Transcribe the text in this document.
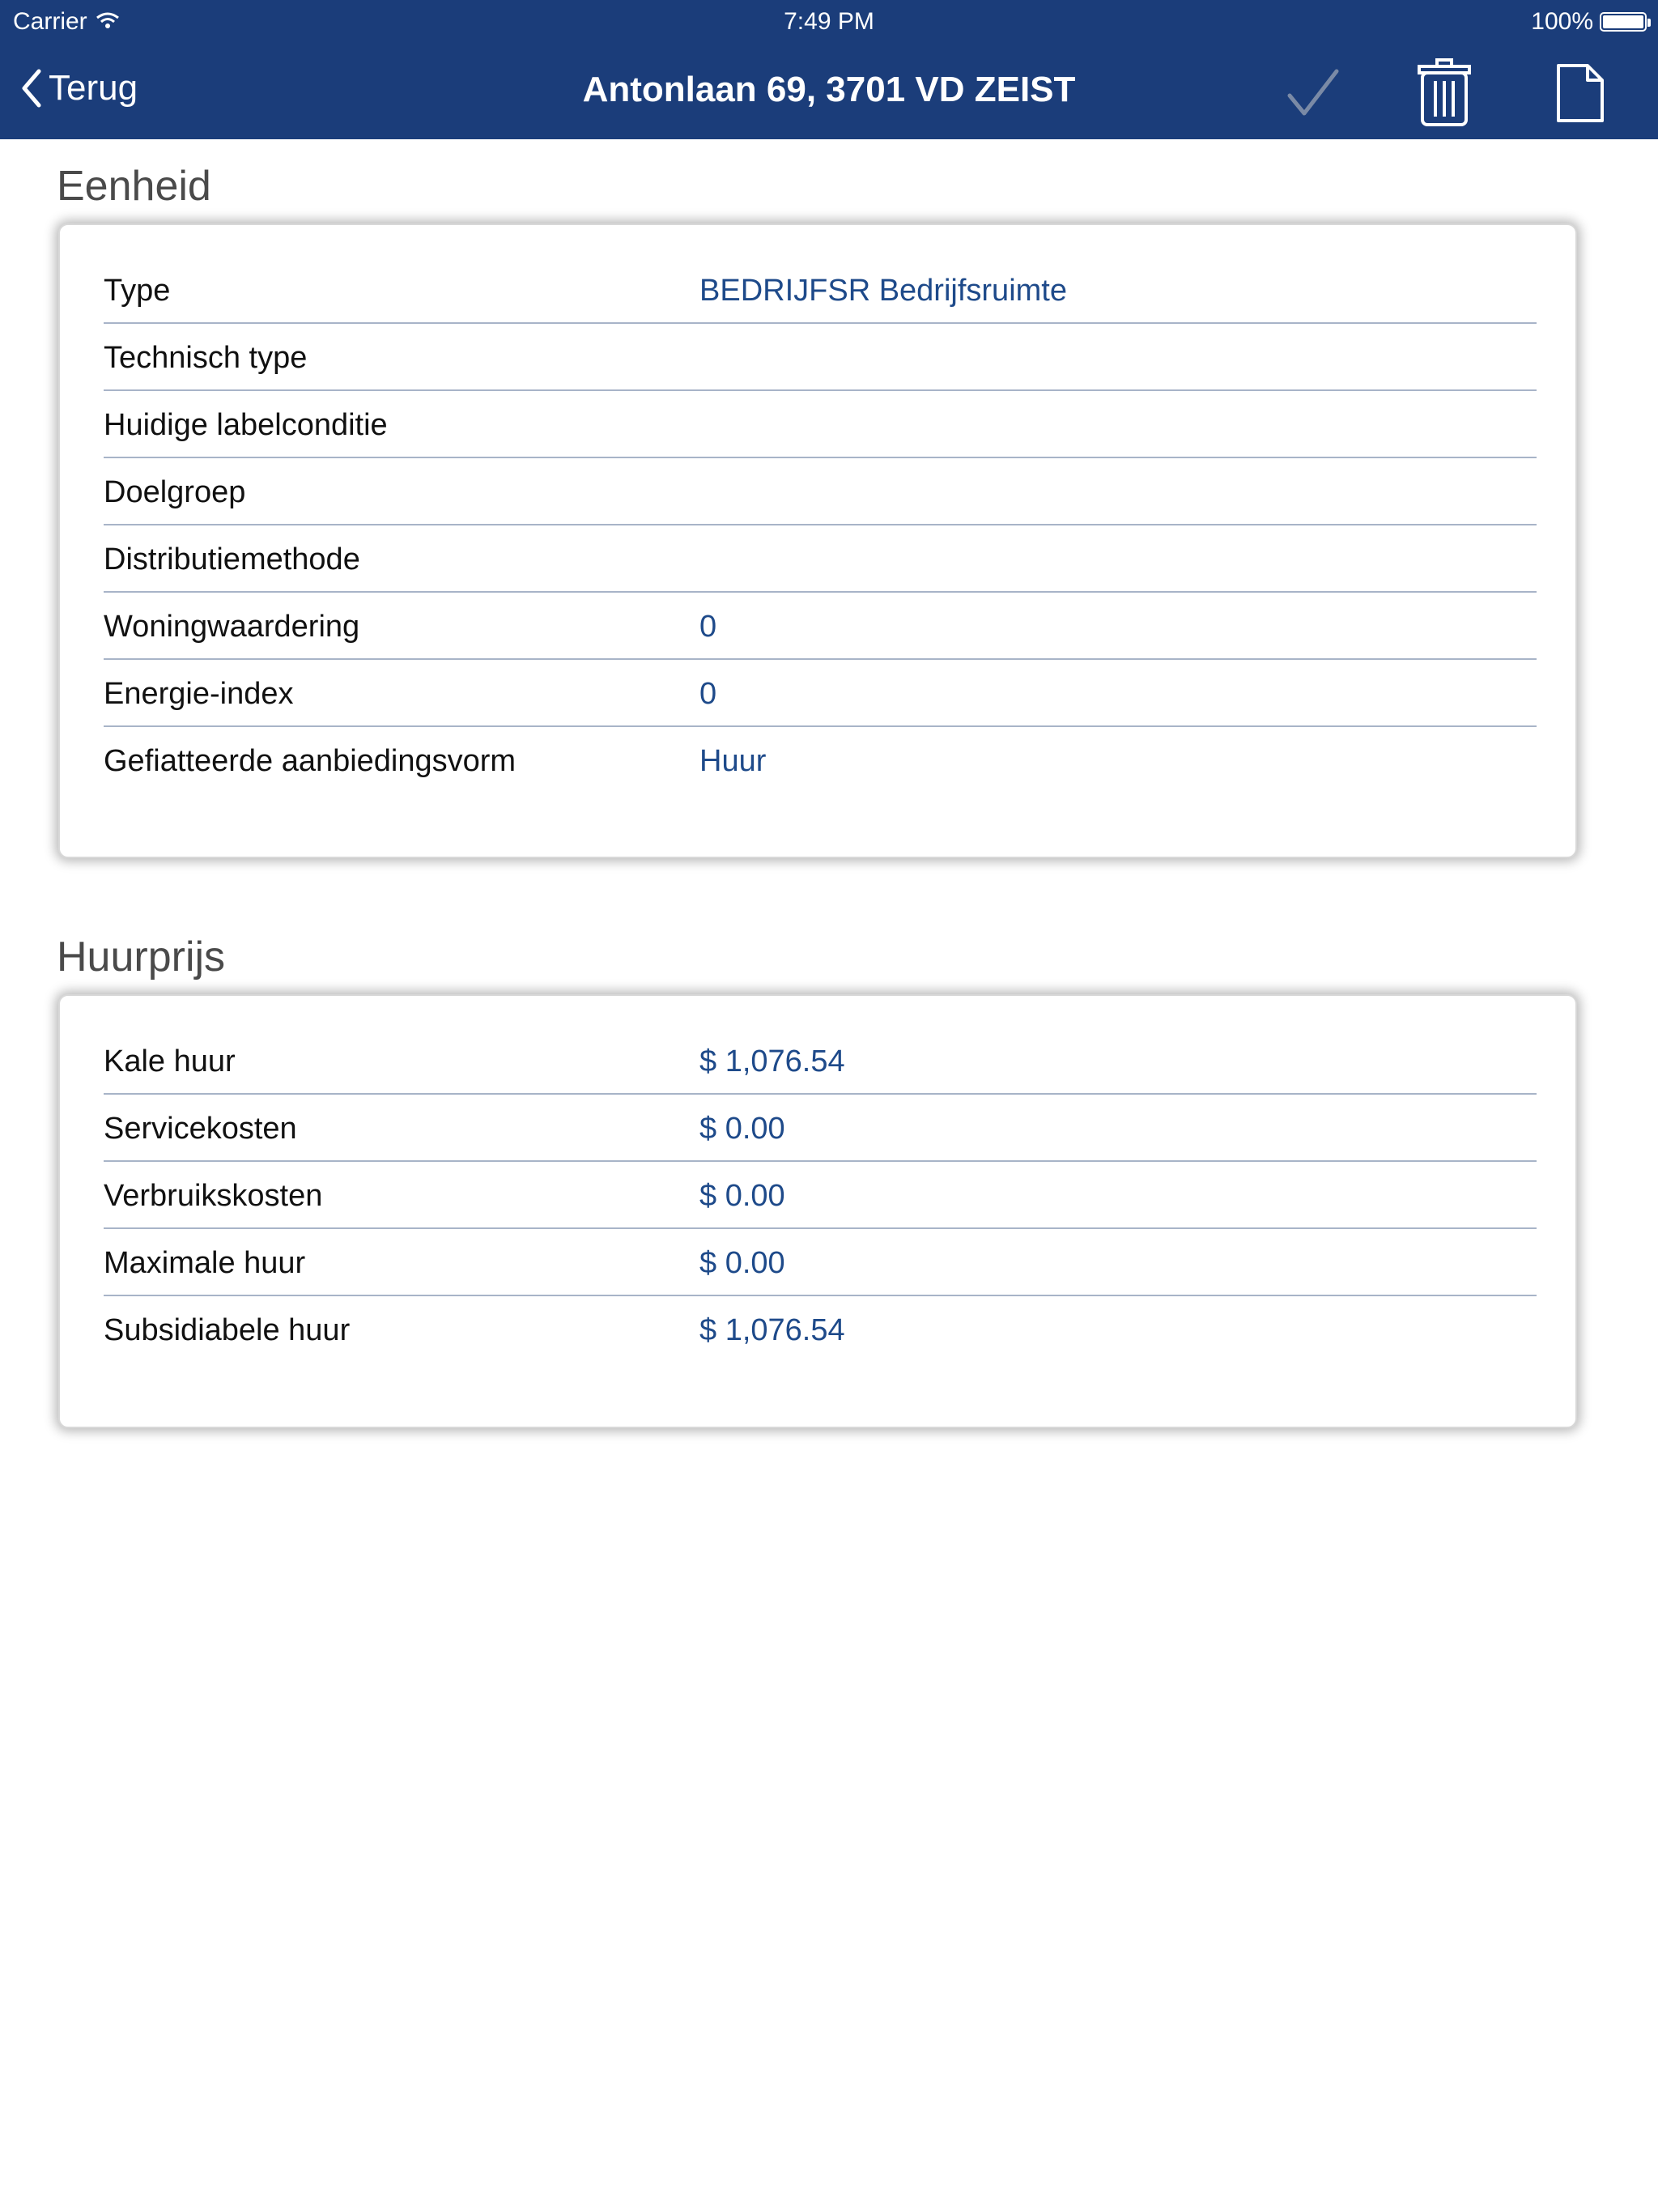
Carrier	7:49 PM	100%
Terug	Antonlaan 69, 3701 VD ZEIST
Eenheid
Type	BEDRIJFSR Bedrijfsruimte
Technisch type
Huidige labelconditie
Doelgroep
Distributiemethode
Woningwaardering	0
Energie-index	0
Gefiatteerde aanbiedingsvorm	Huur
Huurprijs
Kale huur	$ 1,076.54
Servicekosten	$ 0.00
Verbruikskosten	$ 0.00
Maximale huur	$ 0.00
Subsidiabele huur	$ 1,076.54
